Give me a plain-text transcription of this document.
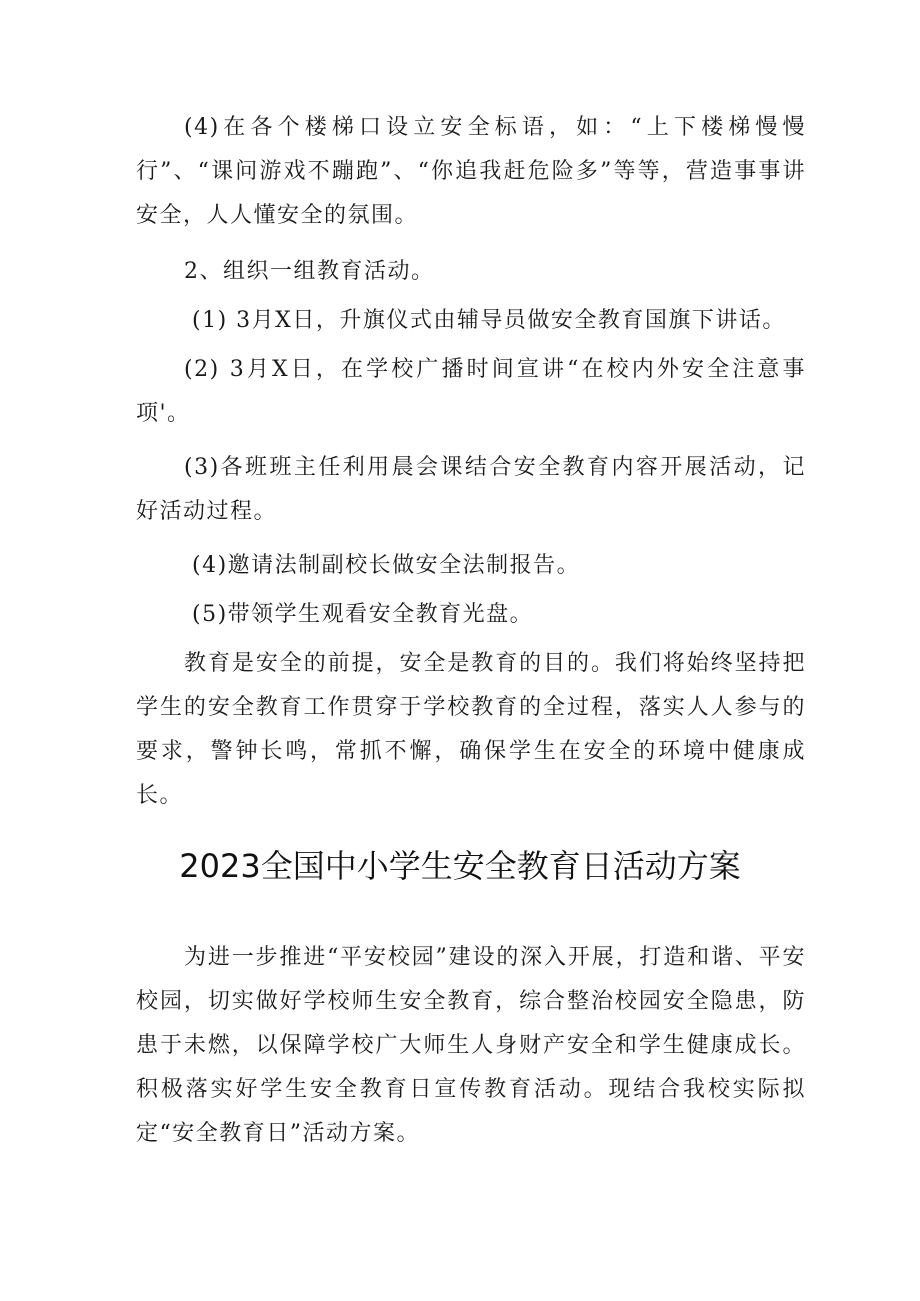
(4)在各个楼梯口设立安全标语，如：“上下楼梯慢慢行”、“课问游戏不蹦跑”、“你追我赶危险多”等等，营造事事讲安全，人人懂安全的氛围。

2、组织一组教育活动。

(1) 3月X日，升旗仪式由辅导员做安全教育国旗下讲话。

(2) 3月X日，在学校广播时间宣讲“在校内外安全注意事项'。

(3)各班班主任利用晨会课结合安全教育内容开展活动，记好活动过程。

(4)邀请法制副校长做安全法制报告。

(5)带领学生观看安全教育光盘。

教育是安全的前提，安全是教育的目的。我们将始终坚持把学生的安全教育工作贯穿于学校教育的全过程，落实人人参与的要求，警钟长鸣，常抓不懈，确保学生在安全的环境中健康成长。

2023全国中小学生安全教育日活动方案

为进一步推进“平安校园”建设的深入开展，打造和谐、平安校园，切实做好学校师生安全教育，综合整治校园安全隐患，防患于未燃，以保障学校广大师生人身财产安全和学生健康成长。积极落实好学生安全教育日宣传教育活动。现结合我校实际拟定“安全教育日”活动方案。
